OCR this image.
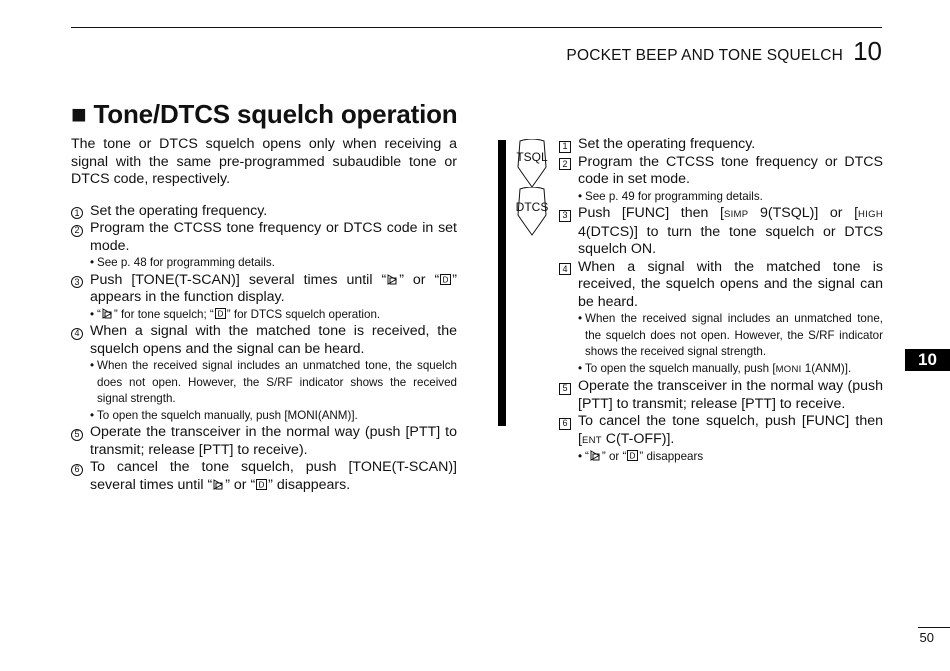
POCKET BEEP AND TONE SQUELCH 10
■ Tone/DTCS squelch operation

The tone or DTCS squelch opens only when receiving a signal with the same pre-programmed subaudible tone or DTCS code, respectively.

1 Set the operating frequency.
2 Program the CTCSS tone frequency or DTCS code in set mode.
• See p. 48 for programming details.
3 Push [TONE(T-SCAN)] several times until “ ” or “ D ” appears in the function display.
• “ ” for tone squelch; “ D ” for DTCS squelch operation.
4 When a signal with the matched tone is received, the squelch opens and the signal can be heard.
• When the received signal includes an unmatched tone, the squelch does not open. However, the S/RF indicator shows the received signal strength.
• To open the squelch manually, push [MONI(ANM)].
5 Operate the transceiver in the normal way (push [PTT] to transmit; release [PTT] to receive).
6 To cancel the tone squelch, push [TONE(T-SCAN)] several times until “ ” or “ D ” disappears.
TSQL
DTCS
1 Set the operating frequency.
2 Program the CTCSS tone frequency or DTCS code in set mode.
• See p. 49 for programming details.
3 Push [FUNC] then [SIMP 9(TSQL)] or [HIGH 4(DTCS)] to turn the tone squelch or DTCS squelch ON.
4 When a signal with the matched tone is received, the squelch opens and the signal can be heard.
• When the received signal includes an unmatched tone, the squelch does not open. However, the S/RF indicator shows the received signal strength.
• To open the squelch manually, push [MONI 1(ANM)].
5 Operate the transceiver in the normal way (push [PTT] to transmit; release [PTT] to receive.
6 To cancel the tone squelch, push [FUNC] then [ENT C(T-OFF)].
• “ ” or “ D ” disappears
10
50
